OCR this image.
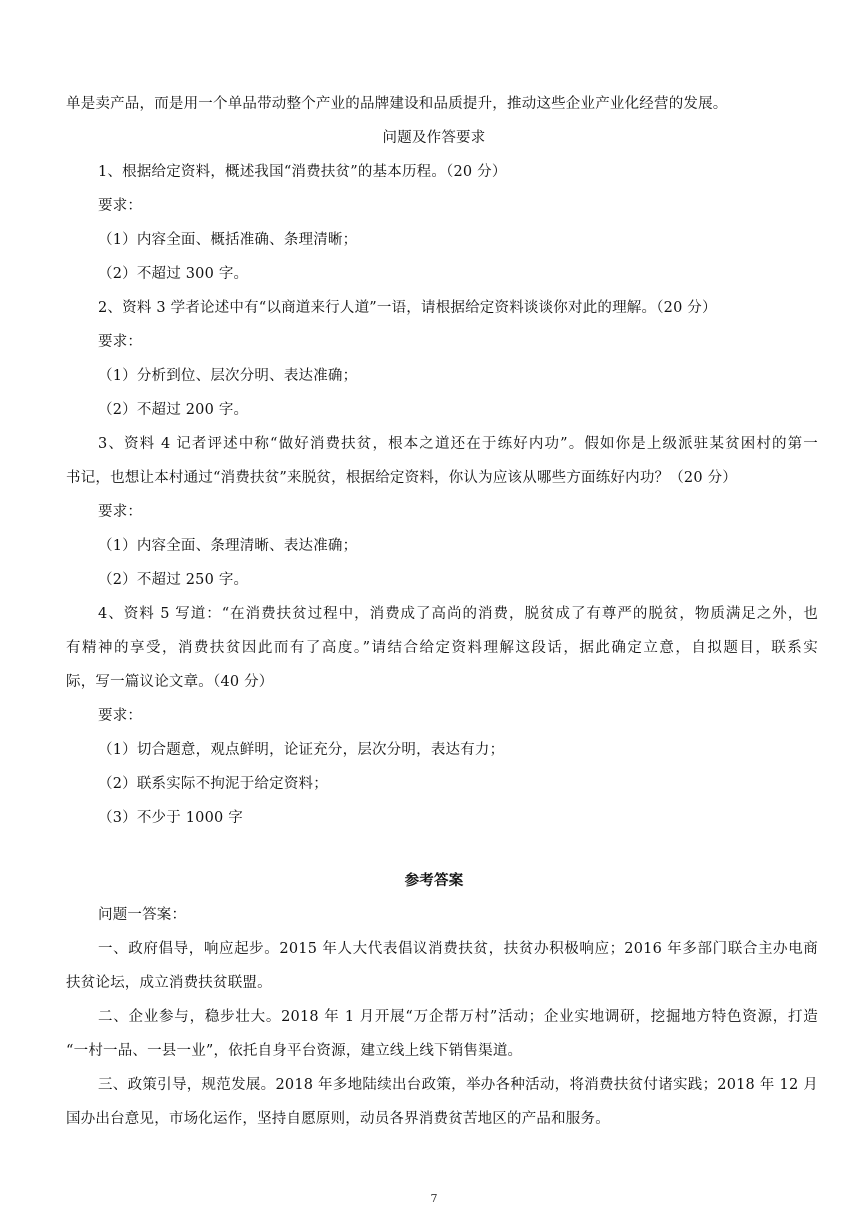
单是卖产品，而是用一个单品带动整个产业的品牌建设和品质提升，推动这些企业产业化经营的发展。
问题及作答要求
1、根据给定资料，概述我国“消费扶贫”的基本历程。（20 分）
要求：
（1）内容全面、概括准确、条理清晰；
（2）不超过 300 字。
2、资料 3 学者论述中有“以商道来行人道”一语，请根据给定资料谈谈你对此的理解。（20 分）
要求：
（1）分析到位、层次分明、表达准确；
（2）不超过 200 字。
3、资料 4 记者评述中称“做好消费扶贫，根本之道还在于练好内功”。假如你是上级派驻某贫困村的第一
书记，也想让本村通过“消费扶贫”来脱贫，根据给定资料，你认为应该从哪些方面练好内功？（20 分）
要求：
（1）内容全面、条理清晰、表达准确；
（2）不超过 250 字。
4、资料 5 写道：“在消费扶贫过程中，消费成了高尚的消费，脱贫成了有尊严的脱贫，物质满足之外，也
有精神的享受，消费扶贫因此而有了高度。”请结合给定资料理解这段话，据此确定立意，自拟题目，联系实
际，写一篇议论文章。（40 分）
要求：
（1）切合题意，观点鲜明，论证充分，层次分明，表达有力；
（2）联系实际不拘泥于给定资料；
（3）不少于 1000 字
参考答案
问题一答案：
一、政府倡导，响应起步。2015 年人大代表倡议消费扶贫，扶贫办积极响应；2016 年多部门联合主办电商
扶贫论坛，成立消费扶贫联盟。
二、企业参与，稳步壮大。2018 年 1 月开展“万企帮万村”活动；企业实地调研，挖掘地方特色资源，打造
“一村一品、一县一业”，依托自身平台资源，建立线上线下销售渠道。
三、政策引导，规范发展。2018 年多地陆续出台政策，举办各种活动，将消费扶贫付诸实践；2018 年 12 月
国办出台意见，市场化运作，坚持自愿原则，动员各界消费贫苦地区的产品和服务。
7
